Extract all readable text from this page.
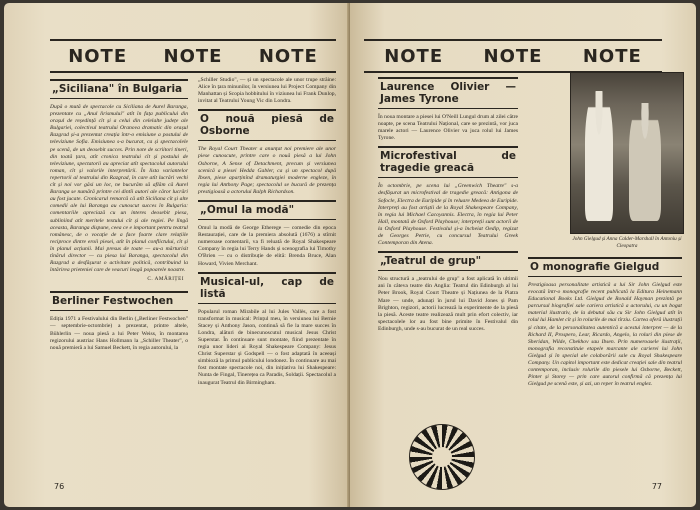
NOTE NOTE NOTE
„Siciliana" în Bulgaria

După o mută de spectacole cu Siciliana de Aurel Baranga, prezentate cu „Anul lirismului" atît în fața publicului din orașul de reședință cît și a celui din celelalte județe ale Bulgariei, colectivul teatrului Oranova dramatic din orașul Razgrad și-a prezentat creația într-o emisiune a postului de televiziune Sofia. Emisiunea s-a bucurat, ca și spectacolele pe scenă, de un deosebit succes. Prin note de scriitori tineri, din toată țara, atît cronica teatrului cît și postului de televiziune, spectatorii au apreciat atît spectacolul autorului roman, cît și valorile interpretării. În lista variantelor repertorii al teatrului din Razgrad, în care atît lucrări vechi cît și noi vor găsi un loc, ne bucurăm să aflăm că Aurel Baranga se numără printre cei dintîi autori ale căror lucrări au fost jucate. Cronicarul remarcă că atît Siciliana cît și alte comedii ale lui Baranga au cunoscut succes în Bulgaria: comentariile apreciază cu un interes deosebit piesa, subliniind atît meritele textului cît și ale regiei. Pe lîngă aceasta, Baranga dispune, ceea ce e important pentru teatrul românesc, de o vocație de a face foarte clare relațiile reciproce dintre eroii piesei, atît în planul conflictului, cît și în planul acțiunii. Mai presus de toate — au-a mărturisit tînărul director — cu piesa lui Baranga, spectacolul din Razgrad a desfășurat o activitate politică, contribuind la întărirea prieteniei care de veacuri leagă popoarele noastre.

C. AMĂRIȚEI
Berliner Festwochen

Ediția 1971 a Festivalului din Berlin („Berliner Festwochen" — septembrie-octombrie) a prezentat, printre altele, Bühlerlin — noua piesă a lui Peter Weiss, în montarea regizorului austriac Hans Hollmann la „Schiller Theater", o nouă premieră a lui Samuel Beckett, în regia autorului, la

„Schiller Studio", — și un spectacole ale unor trupe străine: Alice în țara minunilor, în versiunea lui Project Company din Manhattan și Scopia hobbitului în viziunea lui Frank Dunlop, invitat al Teatrului Young Vic din Londra.

O nouă piesă de Osborne

The Royal Court Theater a anunțat noi premiere ale unor piese cunoscute, printre care o nouă piesă a lui John Osborne, A Sense of Detachment, precum și versiunea scenică a piesei Hedda Gabler, ca și un spectacol după Ibsen, piese aparținînd dramaturgiei moderne engleze, în regia lui Anthony Page; spectacolul se bucură de prezența prestigioasă a actorului Ralph Richardson.

„Omul la modă"

Omul la modă de George Etherege — comedie din epoca Restaurației, care de la premiera absolută (1676) a stîrnit numeroase comentarii, va fi reluată de Royal Shakespeare Company în regia lui Terry Hands și scenografia lui Timothy O'Brien — cu o distribuție de elită: Brenda Bruce, Alan Howard, Vivien Merchant.

Musical-ul, cap de listă

Popularul roman Mirabile al lui Jules Vallès, care a fost transformat în musical: Prințul meu, în versiunea lui Bernie Stacey și Anthony Jason, continuă să fie la mare succes în Londra, alături de binecunoscutul musical Jesus Christ Superstar. În continuare sunt montate, fiind prezentate în regia unor lideri ai Royal Shakespeare Company: Jesus Christ Superstar și Godspell — o fost adaptată în aceeași simbioză la primul publicului londonez. În continuare au mai fost montate spectacole noi, din inițiativa lui Shakespeare: Nunta de Fingal, Tinerețea ca Paradis, Soldații. Spectacolul a inaugurat Teatrul din Birmingham.

76
NOTE NOTE NOTE
Laurence Olivier — James Tyrone

În noua montare a piesei lui O'Neill Lungul drum al zilei către noapte, pe scena Teatrului Național, care se prezintă, vor juca marele actori — Laurence Olivier va juca rolul lui James Tyrone.

Microfestival de tragedie greacă

În octombrie, pe scena lui „Greenwich Theatre" s-a desfășurat un microfestival de tragedie greacă: Antigona de Sofocle, Electra de Euripide și în reluare Medeea de Euripide. Interpreți au fost artiștii de la Royal Shakespeare Company, în regia lui Michael Cacoyannis. Electra, în regia lui Peter Hall, montată de Oxford Playhouse; interpreții sunt actorii de la Oxford Playhouse. Festivalul și-a încheiat Oedip, regizat de Georges Petrie, cu concursul Teatrului Greek Contemporan din Atena.

„Teatrul de grup"

Nou structură a „teatrului de grup" a fost aplicată în ultimii ani în câteva teatre din Anglia: Teatrul din Edinburgh al lui Peter Brook, Royal Court Theatre și Națiunea de la Piatra Mare — unde, adunați în jurul lui David Jones și Pam Brighton, regizori, actorii lucrează la experimente de la piesă la piesă. Aceste teatre realizează mult prin efort colectiv, iar spectacolele lor au fost bine primite în Festivalul din Edinburgh, unde s-au bucurat de un real succes.

John Gielgud și Anna Calder-Marshall în Antoniu și Cleopatra
O monografie Gielgud

Prestigioasa personalitate artistică a lui Sir John Gielgud este evocată într-o monografie recent publicată la Editura Heinemann Educational Books Ltd. Gielgud de Ronald Hayman prezintă pe parcursul biografiei sale cariera artistică a actorului, cu un bogat material ilustrativ, de la debutul său cu Sir John Gielgud atît în rolul lui Hamlet cît și în rolurile de mai tîrziu. Cartea oferă ilustrații și citate, de la personalitatea autentică a acestui interpret — de la Richard II, Prospero, Lear, Ricardo, Angelo, la roluri din piese de Sheridan, Wilde, Chekhov sau Ibsen. Prin numeroasele ilustrații, monografia reconstituie etapele marcante ale carierei lui John Gielgud și în special ale colaborării sale cu Royal Shakespeare Company. Un capitol important este dedicat creației sale din teatrul contemporan, inclusiv rolurile din piesele lui Osborne, Beckett, Pinter și Storey — prin care autorul confirmă că prezența lui Gielgud pe scenă este, și azi, un reper în teatrul englez.

77
